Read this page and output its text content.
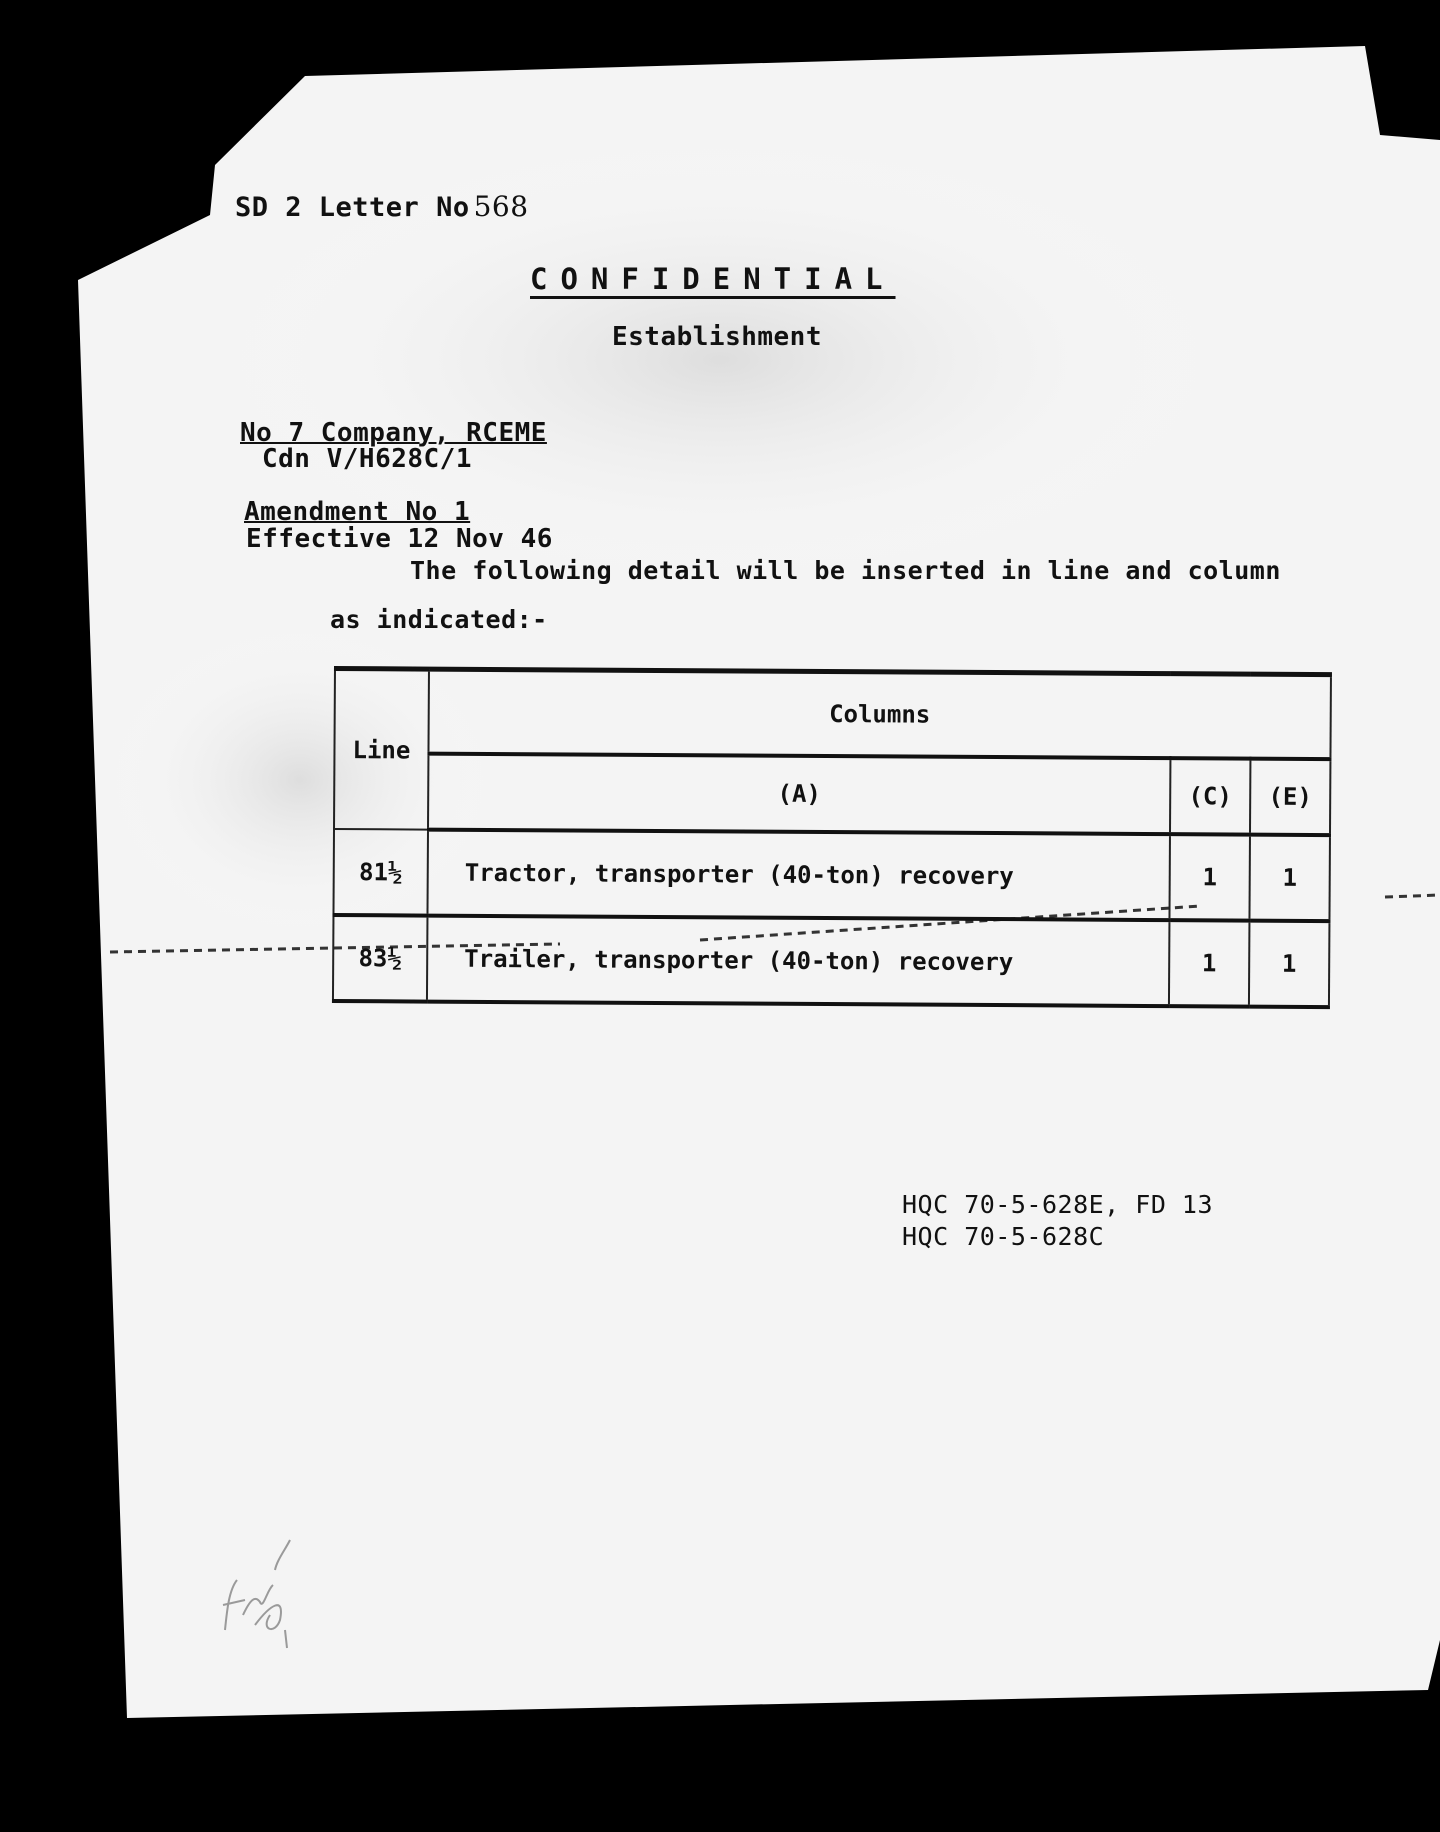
SD 2 Letter No 568
CONFIDENTIAL
Establishment
No 7 Company, RCEME
Cdn V/H628C/1
Amendment No 1
Effective 12 Nov 46
The following detail will be inserted in line and column
as indicated:-
Line	Columns		
	(A)	(C)	(E)
81½	Tractor, transporter (40-ton) recovery	1	1
83½	Trailer, transporter (40-ton) recovery	1	1
HQC 70-5-628E, FD 13
HQC 70-5-628C
